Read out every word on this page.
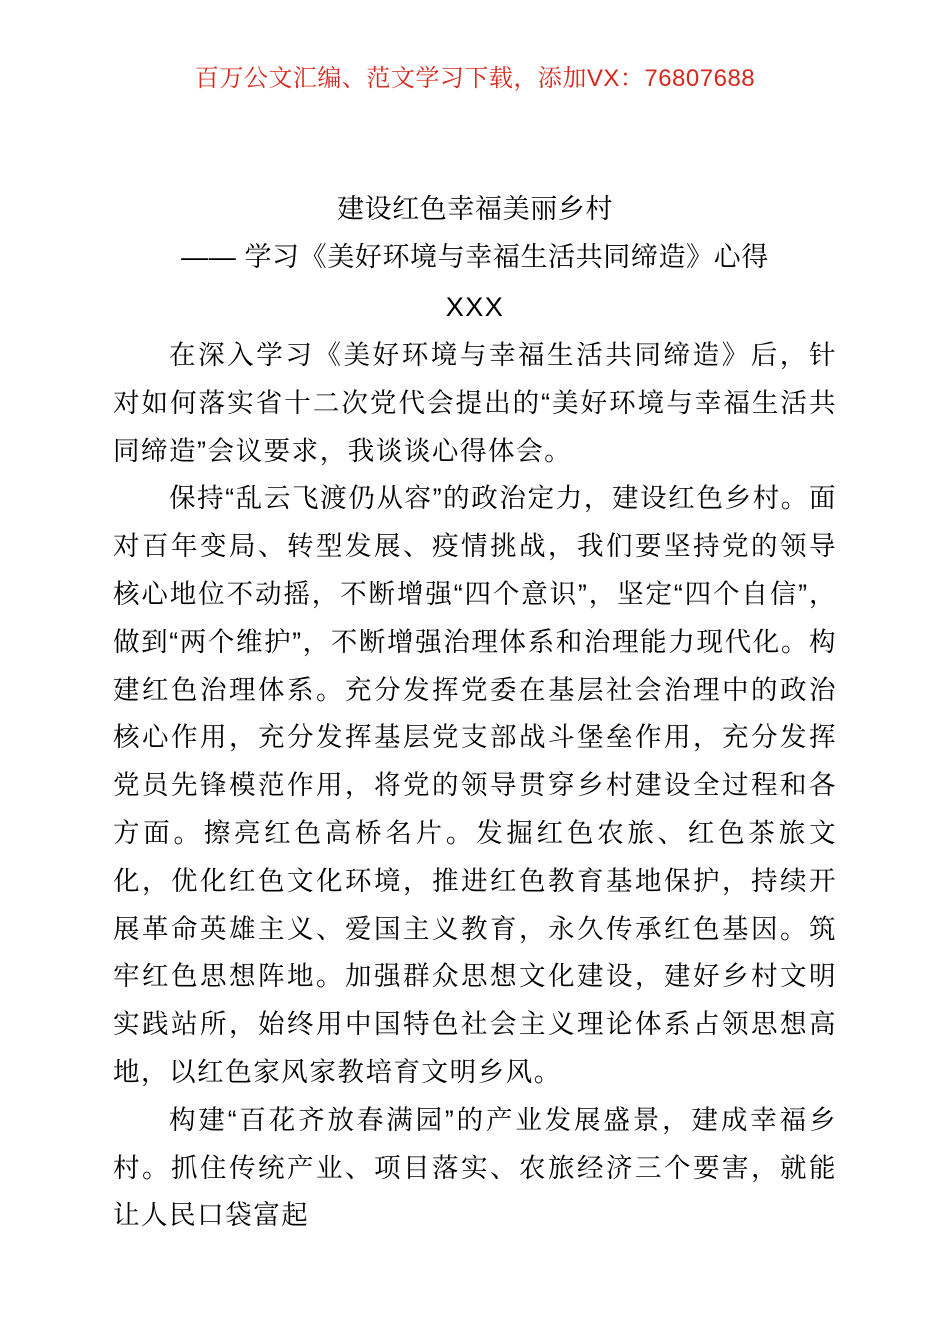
百万公文汇编、范文学习下载，添加VX：76807688
建设红色幸福美丽乡村
—— 学习《美好环境与幸福生活共同缔造》心得
XXX

在深入学习《美好环境与幸福生活共同缔造》后，针对如何落实省十二次党代会提出的“美好环境与幸福生活共同缔造”会议要求，我谈谈心得体会。

保持“乱云飞渡仍从容”的政治定力，建设红色乡村。面对百年变局、转型发展、疫情挑战，我们要坚持党的领导核心地位不动摇，不断增强“四个意识”，坚定“四个自信”，做到“两个维护”，不断增强治理体系和治理能力现代化。构建红色治理体系。充分发挥党委在基层社会治理中的政治核心作用，充分发挥基层党支部战斗堡垒作用，充分发挥党员先锋模范作用，将党的领导贯穿乡村建设全过程和各方面。擦亮红色高桥名片。发掘红色农旅、红色茶旅文化，优化红色文化环境，推进红色教育基地保护，持续开展革命英雄主义、爱国主义教育，永久传承红色基因。筑牢红色思想阵地。加强群众思想文化建设，建好乡村文明实践站所，始终用中国特色社会主义理论体系占领思想高地，以红色家风家教培育文明乡风。

构建“百花齐放春满园”的产业发展盛景，建成幸福乡村。抓住传统产业、项目落实、农旅经济三个要害，就能让人民口袋富起
